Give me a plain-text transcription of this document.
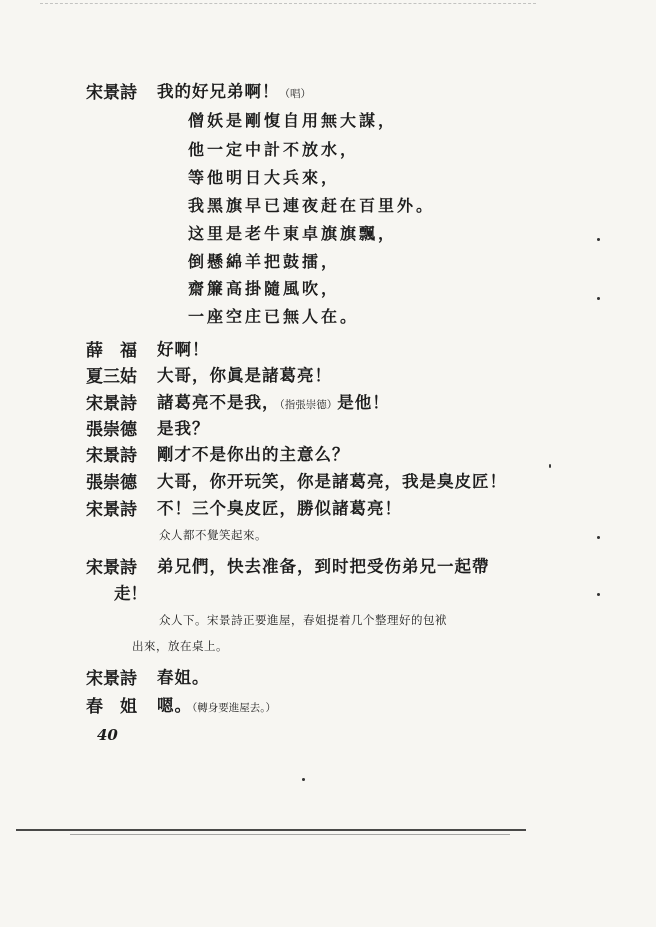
宋景詩 我的好兄弟啊！（唱）
僧妖是剛愎自用無大謀，
他一定中計不放水，
等他明日大兵來，
我黑旗早已連夜赶在百里外。
这里是老牛東卓旗旗飄，
倒懸綿羊把鼓擂，
齋簾高掛隨風吹，
一座空庄已無人在。
薛　福 好啊！
夏三姑 大哥，你眞是諸葛亮！
宋景詩 諸葛亮不是我，（指張崇德）是他！
張崇德 是我？
宋景詩 剛才不是你出的主意么？
張崇德 大哥，你开玩笑，你是諸葛亮，我是臭皮匠！
宋景詩 不！三个臭皮匠，勝似諸葛亮！
众人都不覺笑起來。
宋景詩 弟兄們，快去准备，到时把受伤弟兄一起帶
走！
众人下。宋景詩正要進屋，春姐提着几个整理好的包袱
出來，放在桌上。
宋景詩 春姐。
春　姐 嗯。（轉身要進屋去。）
40
